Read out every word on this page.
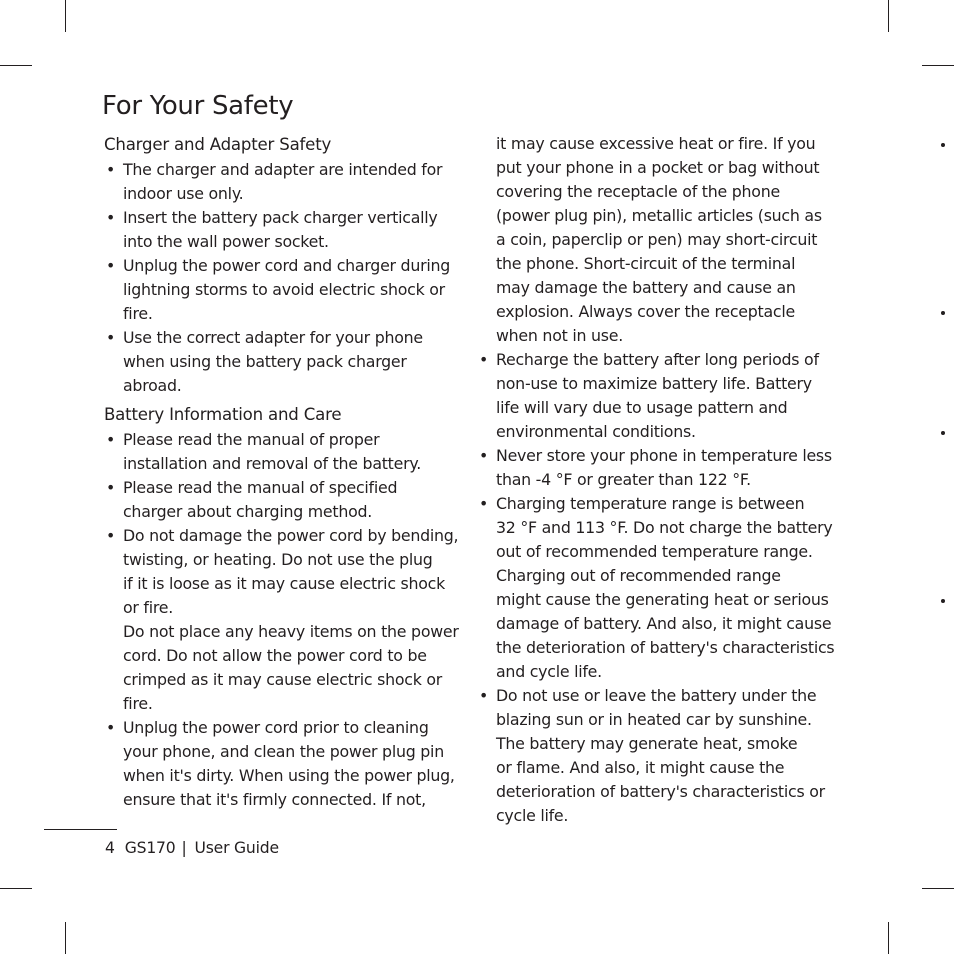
For Your Safety
Charger and Adapter Safety
• The charger and adapter are intended for
indoor use only.
• Insert the battery pack charger vertically
into the wall power socket.
• Unplug the power cord and charger during
lightning storms to avoid electric shock or
fire.
• Use the correct adapter for your phone
when using the battery pack charger
abroad.
Battery Information and Care
• Please read the manual of proper
installation and removal of the battery.
• Please read the manual of specified
charger about charging method.
• Do not damage the power cord by bending,
twisting, or heating. Do not use the plug
if it is loose as it may cause electric shock
or fire.
Do not place any heavy items on the power
cord. Do not allow the power cord to be
crimped as it may cause electric shock or
fire.
• Unplug the power cord prior to cleaning
your phone, and clean the power plug pin
when it's dirty. When using the power plug,
ensure that it's firmly connected. If not,
it may cause excessive heat or fire. If you
put your phone in a pocket or bag without
covering the receptacle of the phone
(power plug pin), metallic articles (such as
a coin, paperclip or pen) may short-circuit
the phone. Short-circuit of the terminal
may damage the battery and cause an
explosion. Always cover the receptacle
when not in use.
• Recharge the battery after long periods of
non-use to maximize battery life. Battery
life will vary due to usage pattern and
environmental conditions.
• Never store your phone in temperature less
than -4 °F or greater than 122 °F.
• Charging temperature range is between
32 °F and 113 °F. Do not charge the battery
out of recommended temperature range.
Charging out of recommended range
might cause the generating heat or serious
damage of battery. And also, it might cause
the deterioration of battery's characteristics
and cycle life.
• Do not use or leave the battery under the
blazing sun or in heated car by sunshine.
The battery may generate heat, smoke
or flame. And also, it might cause the
deterioration of battery's characteristics or
cycle life.
4 GS170 | User Guide
